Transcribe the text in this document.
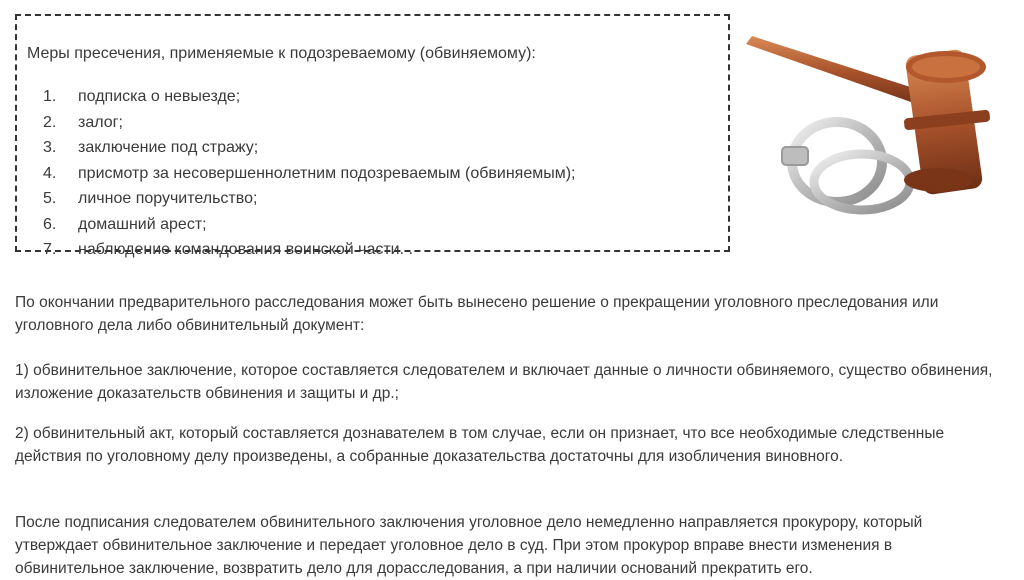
Меры пресечения, применяемые к подозреваемому (обвиняемому):
1.	подписка о невыезде;
2.	залог;
3.	заключение под стражу;
4.	присмотр за несовершеннолетним подозреваемым (обвиняемым);
5.	личное поручительство;
6.	домашний арест;
7.	наблюдение командования воинской части. .

По окончании предварительного расследования может быть вынесено решение о прекращении уголовного преследования или уголовного дела либо обвинительный документ:

1) обвинительное заключение, которое составляется следователем и включает данные о личности обвиняемого, существо обвинения, изложение доказательств обвинения и защиты и др.;

2) обвинительный акт, который составляется дознавателем в том случае, если он признает, что все необходимые следственные действия по уголовному делу произведены, а собранные доказательства достаточны для изобличения виновного.

После подписания следователем обвинительного заключения уголовное дело немедленно направляется прокурору, который утверждает обвинительное заключение и передает уголовное дело в суд. При этом прокурор вправе внести изменения в обвинительное заключение, возвратить дело для дорасследования, а при наличии оснований прекратить его.
